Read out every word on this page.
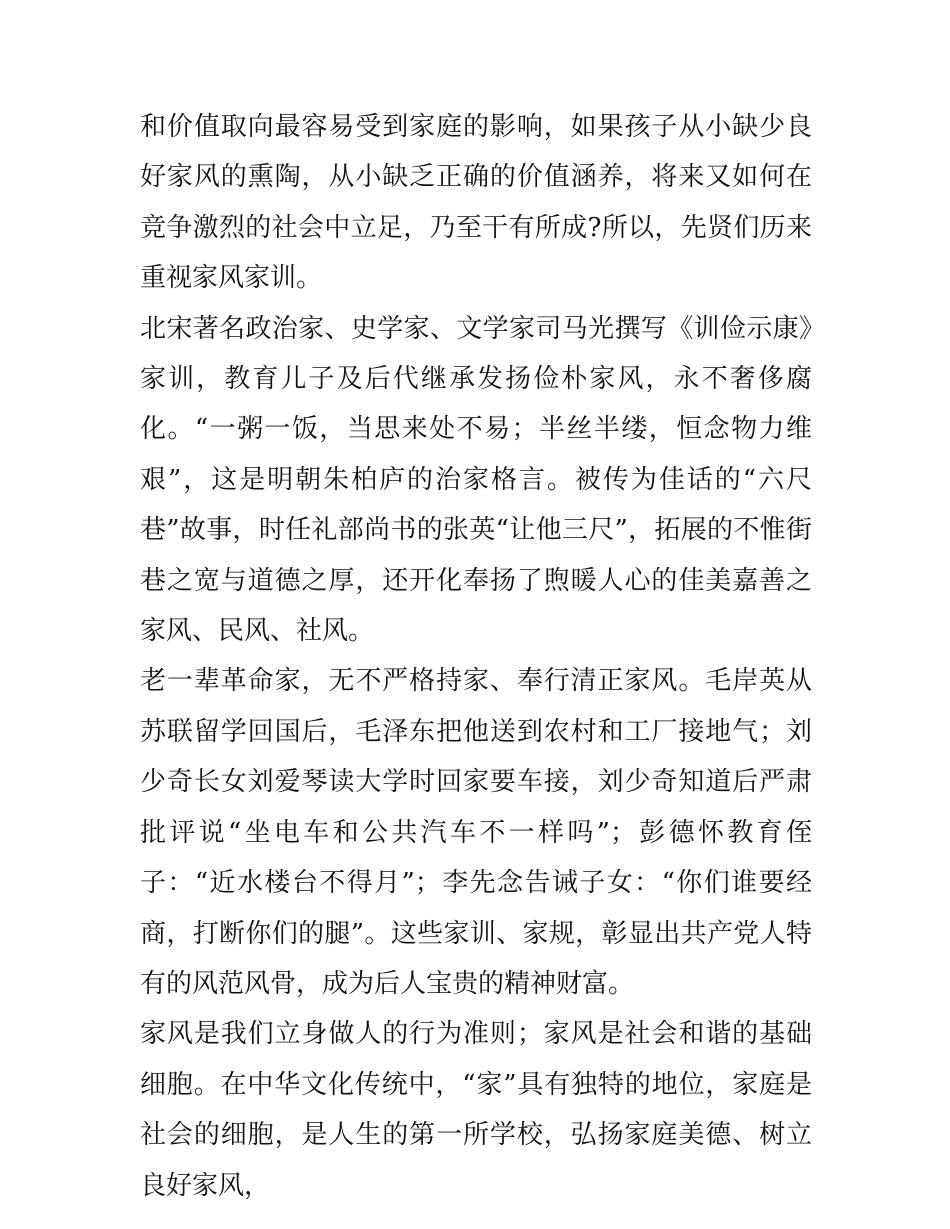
和价值取向最容易受到家庭的影响，如果孩子从小缺少良好家风的熏陶，从小缺乏正确的价值涵养，将来又如何在竞争激烈的社会中立足，乃至干有所成?所以，先贤们历来重视家风家训。

北宋著名政治家、史学家、文学家司马光撰写《训俭示康》家训，教育儿子及后代继承发扬俭朴家风，永不奢侈腐化。“一粥一饭，当思来处不易；半丝半缕，恒念物力维艰”，这是明朝朱柏庐的治家格言。被传为佳话的“六尺巷”故事，时任礼部尚书的张英“让他三尺”，拓展的不惟街巷之宽与道德之厚，还开化奉扬了煦暖人心的佳美嘉善之家风、民风、社风。

老一辈革命家，无不严格持家、奉行清正家风。毛岸英从苏联留学回国后，毛泽东把他送到农村和工厂接地气；刘少奇长女刘爱琴读大学时回家要车接，刘少奇知道后严肃批评说“坐电车和公共汽车不一样吗”；彭德怀教育侄子：“近水楼台不得月”；李先念告诫子女：“你们谁要经商，打断你们的腿”。这些家训、家规，彰显出共产党人特有的风范风骨，成为后人宝贵的精神财富。

家风是我们立身做人的行为准则；家风是社会和谐的基础细胞。在中华文化传统中，“家”具有独特的地位，家庭是社会的细胞，是人生的第一所学校，弘扬家庭美德、树立良好家风，
